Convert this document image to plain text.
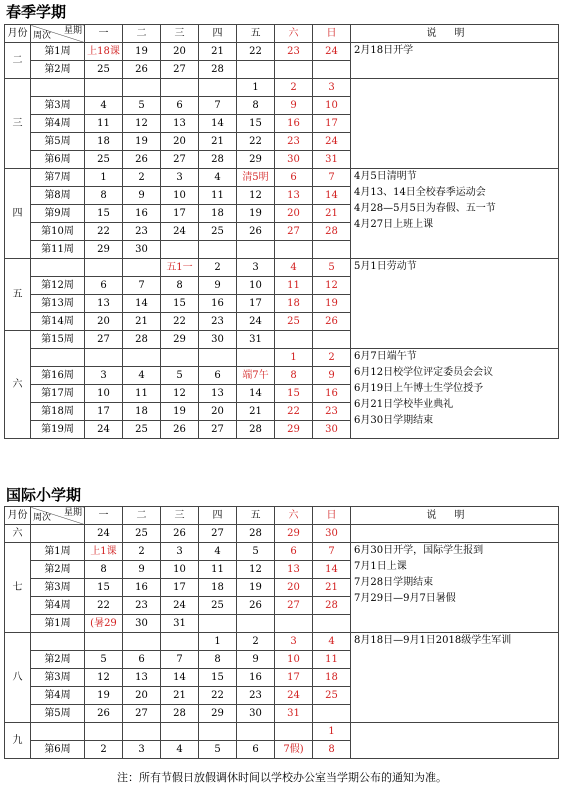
春季学期
月份	星期
周次	一	二	三	四	五	六	日	说明
二	第1周	上18课	19	20	21	22	23	24	2月18日开学

	第2周	25	26	27	28				
三						1	2	3	
	第3周	4	5	6	7	8	9	10	
	第4周	11	12	13	14	15	16	17	
	第5周	18	19	20	21	22	23	24	
	第6周	25	26	27	28	29	30	31	
四	第7周	1	2	3	4	清5明	6	7	4月5日清明节
4月13、14日全校春季运动会
4月28—5月5日为春假、五一节
4月27日上班上课

	第8周	8	9	10	11	12	13	14	
	第9周	15	16	17	18	19	20	21	
	第10周	22	23	24	25	26	27	28	
	第11周	29	30						
五				五1一	2	3	4	5	5月1日劳动节

	第12周	6	7	8	9	10	11	12	
	第13周	13	14	15	16	17	18	19	
	第14周	20	21	22	23	24	25	26	
六	第15周	27	28	29	30	31			
							1	2	6月7日端午节
6月12日校学位评定委员会会议
6月19日上午博士生学位授予
6月21日学校毕业典礼
6月30日学期结束

	第16周	3	4	5	6	端7午	8	9	
	第17周	10	11	12	13	14	15	16	
	第18周	17	18	19	20	21	22	23	
	第19周	24	25	26	27	28	29	30	
国际小学期
月份	星期
周次	一	二	三	四	五	六	日	说明
六		24	25	26	27	28	29	30	
七	第1周	上1课	2	3	4	5	6	7	6月30日开学，国际学生报到
7月1日上课
7月28日学期结束
7月29日—9月7日暑假

	第2周	8	9	10	11	12	13	14	
	第3周	15	16	17	18	19	20	21	
	第4周	22	23	24	25	26	27	28	
	第1周	(暑29	30	31					
八					1	2	3	4	8月18日—9月1日2018级学生军训

	第2周	5	6	7	8	9	10	11	
	第3周	12	13	14	15	16	17	18	
	第4周	19	20	21	22	23	24	25	
	第5周	26	27	28	29	30	31		
九								1	
	第6周	2	3	4	5	6	7假)	8	
注：所有节假日放假调休时间以学校办公室当学期公布的通知为准。
